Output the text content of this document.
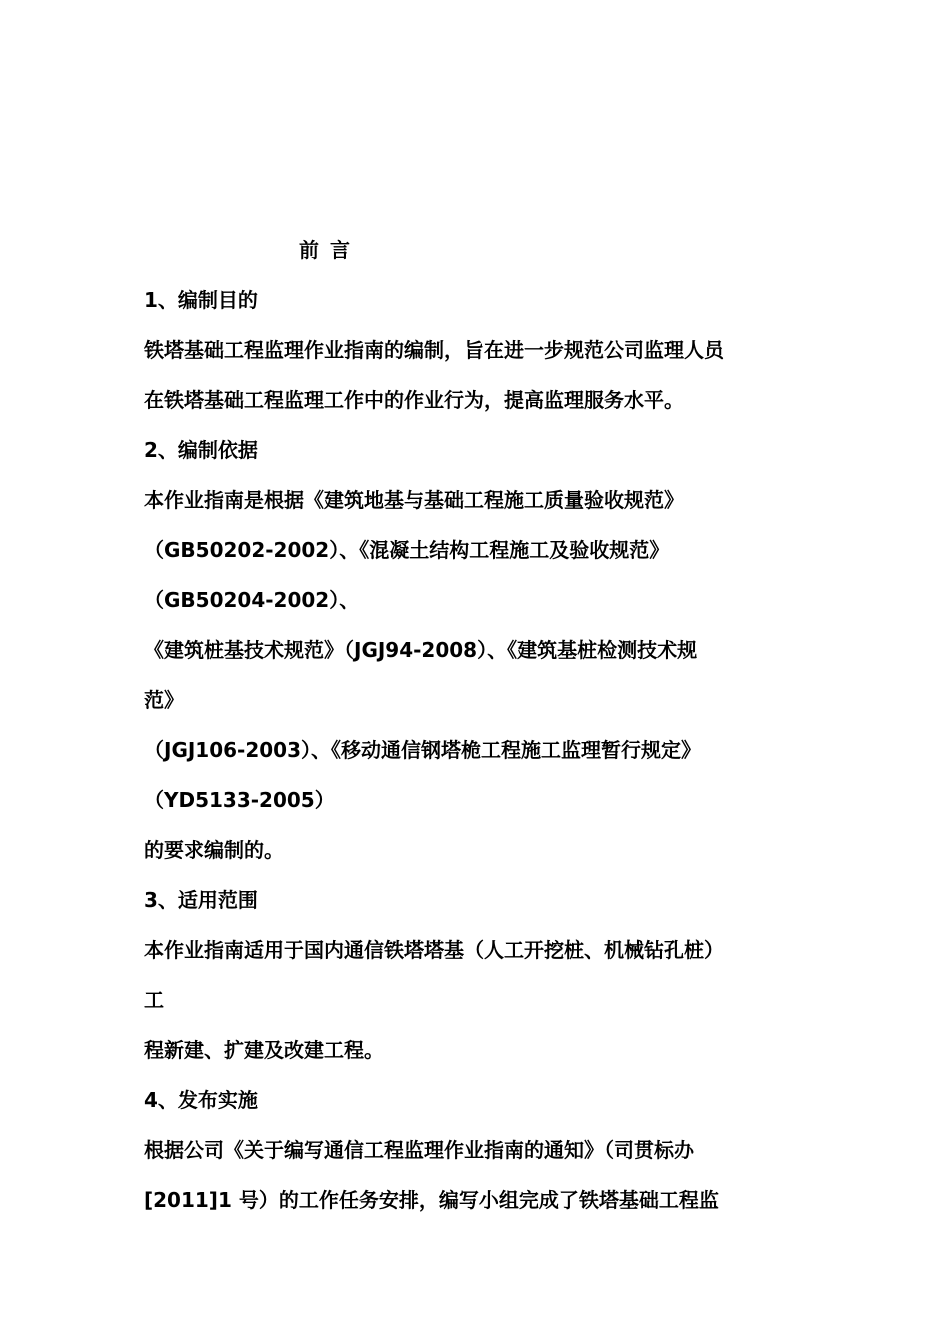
前 言
1、编制目的
铁塔基础工程监理作业指南的编制，旨在进一步规范公司监理人员
在铁塔基础工程监理工作中的作业行为，提高监理服务水平。
2、编制依据
本作业指南是根据《建筑地基与基础工程施工质量验收规范》
（GB50202-2002）、《混凝土结构工程施工及验收规范》
（GB50204-2002）、
《建筑桩基技术规范》（JGJ94-2008）、《建筑基桩检测技术规
范》
（JGJ106-2003）、《移动通信钢塔桅工程施工监理暂行规定》
（YD5133-2005）
的要求编制的。
3、适用范围
本作业指南适用于国内通信铁塔塔基（人工开挖桩、机械钻孔桩）
工
程新建、扩建及改建工程。
4、发布实施
根据公司《关于编写通信工程监理作业指南的通知》（司贯标办
[2011]1 号）的工作任务安排，编写小组完成了铁塔基础工程监
